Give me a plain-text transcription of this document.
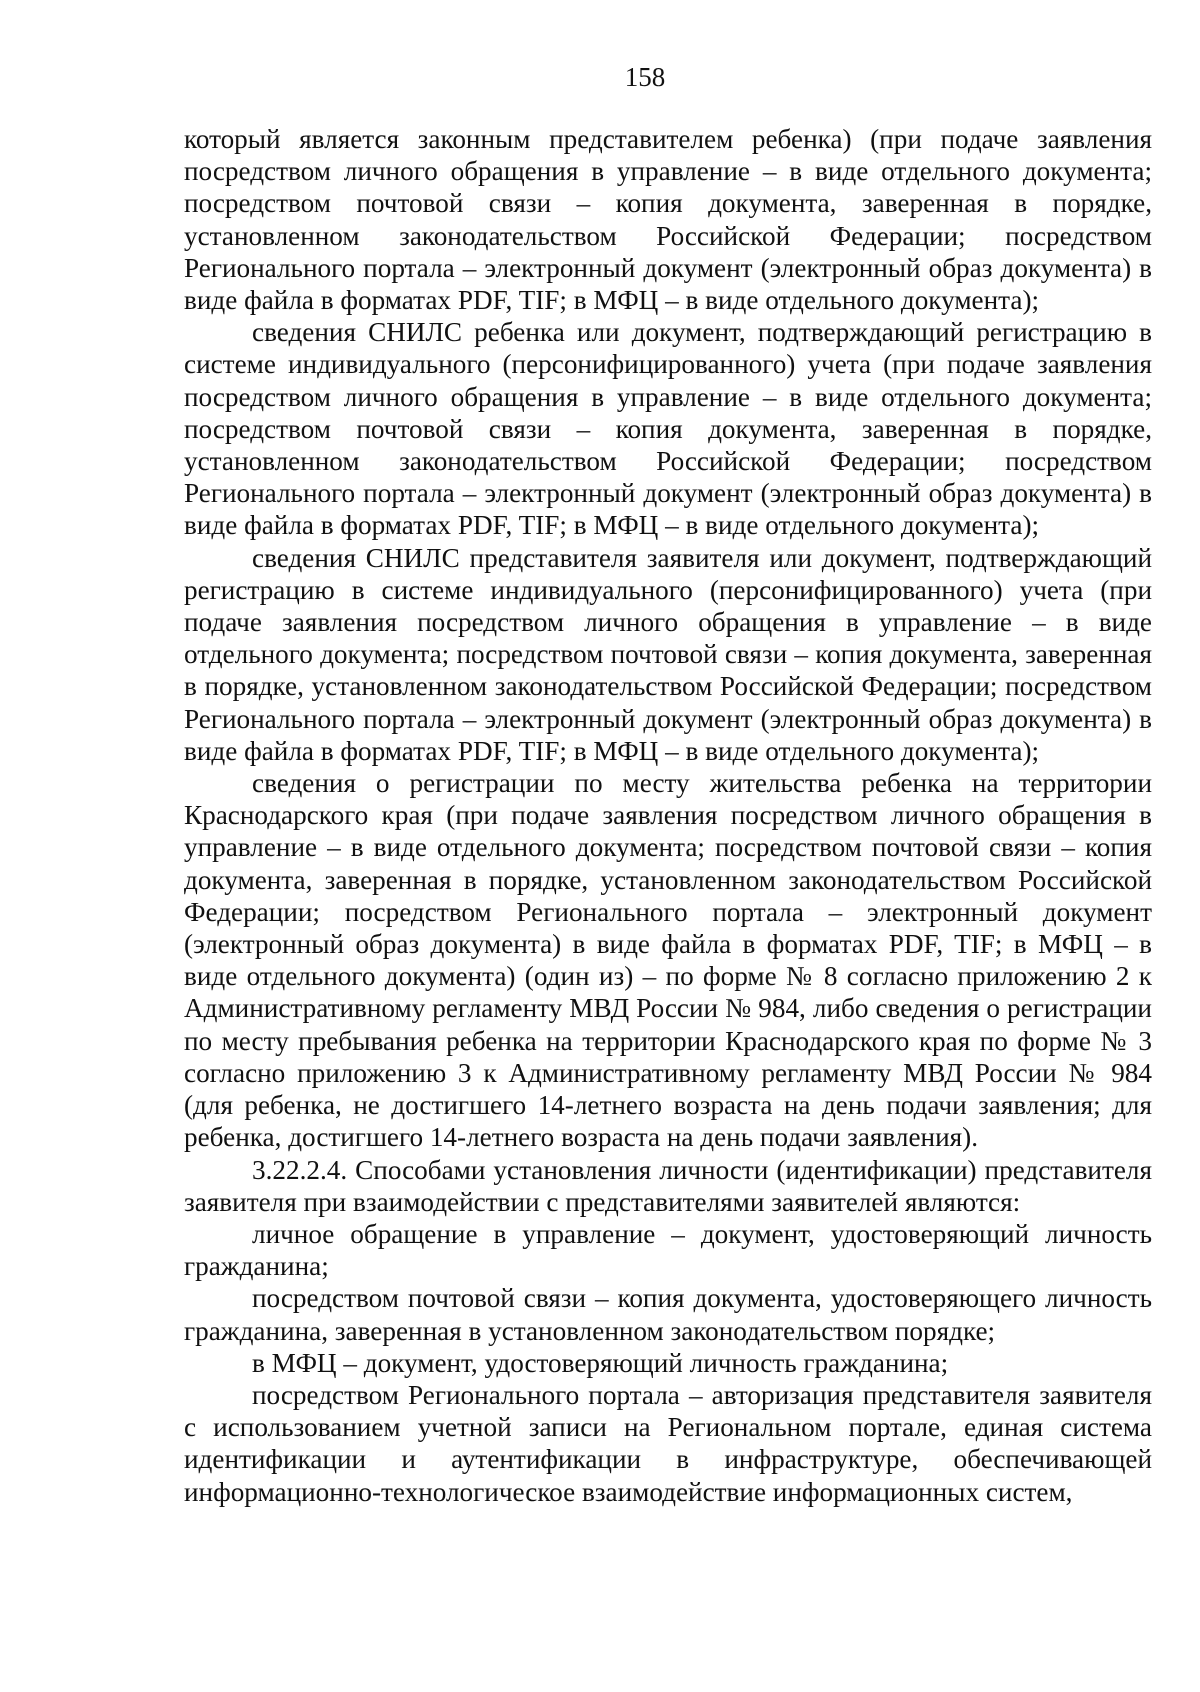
158

который является законным представителем ребенка) (при подаче заявления посредством личного обращения в управление – в виде отдельного документа; посредством почтовой связи – копия документа, заверенная в порядке, установленном законодательством Российской Федерации; посредством Регионального портала – электронный документ (электронный образ документа) в виде файла в форматах PDF, TIF; в МФЦ – в виде отдельного документа);

сведения СНИЛС ребенка или документ, подтверждающий регистрацию в системе индивидуального (персонифицированного) учета (при подаче заявления посредством личного обращения в управление – в виде отдельного документа; посредством почтовой связи – копия документа, заверенная в порядке, установленном законодательством Российской Федерации; посредством Регионального портала – электронный документ (электронный образ документа) в виде файла в форматах PDF, TIF; в МФЦ – в виде отдельного документа);

сведения СНИЛС представителя заявителя или документ, подтверждающий регистрацию в системе индивидуального (персонифицированного) учета (при подаче заявления посредством личного обращения в управление – в виде отдельного документа; посредством почтовой связи – копия документа, заверенная в порядке, установленном законодательством Российской Федерации; посредством Регионального портала – электронный документ (электронный образ документа) в виде файла в форматах PDF, TIF; в МФЦ – в виде отдельного документа);

сведения о регистрации по месту жительства ребенка на территории Краснодарского края (при подаче заявления посредством личного обращения в управление – в виде отдельного документа; посредством почтовой связи – копия документа, заверенная в порядке, установленном законодательством Российской Федерации; посредством Регионального портала – электронный документ (электронный образ документа) в виде файла в форматах PDF, TIF; в МФЦ – в виде отдельного документа) (один из) – по форме № 8 согласно приложению 2 к Административному регламенту МВД России № 984, либо сведения о регистрации по месту пребывания ребенка на территории Краснодарского края по форме № 3 согласно приложению 3 к Административному регламенту МВД России № 984 (для ребенка, не достигшего 14-летнего возраста на день подачи заявления; для ребенка, достигшего 14-летнего возраста на день подачи заявления).

3.22.2.4. Способами установления личности (идентификации) представителя заявителя при взаимодействии с представителями заявителей являются:

личное обращение в управление – документ, удостоверяющий личность гражданина;

посредством почтовой связи – копия документа, удостоверяющего личность гражданина, заверенная в установленном законодательством порядке;

в МФЦ – документ, удостоверяющий личность гражданина;

посредством Регионального портала – авторизация представителя заявителя с использованием учетной записи на Региональном портале, единая система идентификации и аутентификации в инфраструктуре, обеспечивающей информационно-технологическое взаимодействие информационных систем,
